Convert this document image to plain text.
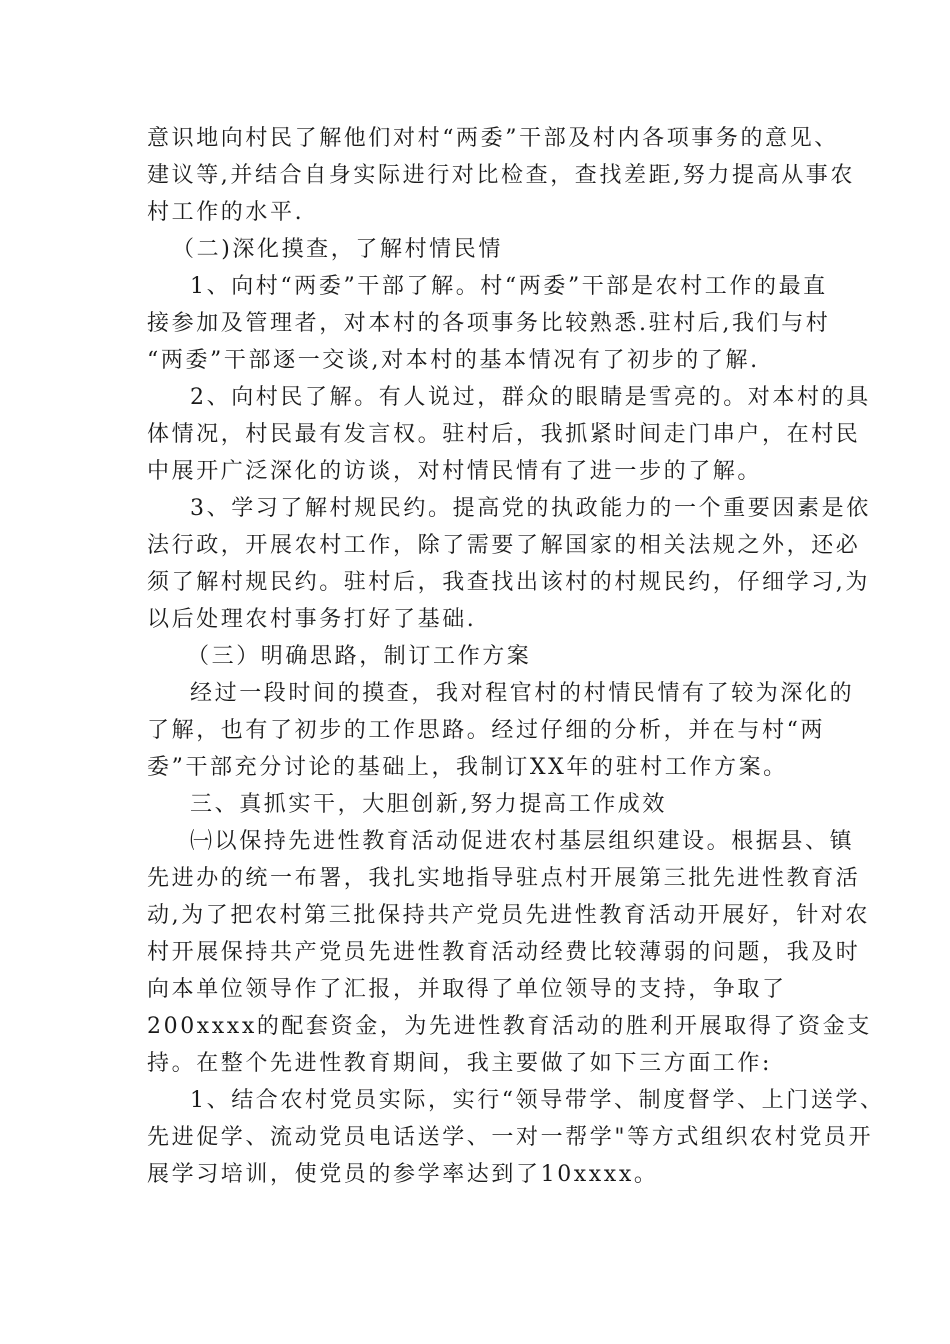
意识地向村民了解他们对村“两委”干部及村内各项事务的意见、
建议等,并结合自身实际进行对比检查，查找差距,努力提高从事农
村工作的水平.
（二)深化摸查，了解村情民情
1、向村“两委”干部了解。村“两委”干部是农村工作的最直
接参加及管理者，对本村的各项事务比较熟悉.驻村后,我们与村
“两委”干部逐一交谈,对本村的基本情况有了初步的了解.
2、向村民了解。有人说过，群众的眼睛是雪亮的。对本村的具
体情况，村民最有发言权。驻村后，我抓紧时间走门串户，在村民
中展开广泛深化的访谈，对村情民情有了进一步的了解。
3、学习了解村规民约。提高党的执政能力的一个重要因素是依
法行政，开展农村工作，除了需要了解国家的相关法规之外，还必
须了解村规民约。驻村后，我查找出该村的村规民约，仔细学习,为
以后处理农村事务打好了基础.
（三）明确思路，制订工作方案
经过一段时间的摸查，我对程官村的村情民情有了较为深化的
了解，也有了初步的工作思路。经过仔细的分析，并在与村“两
委”干部充分讨论的基础上，我制订XX年的驻村工作方案。
三、真抓实干，大胆创新,努力提高工作成效
㈠以保持先进性教育活动促进农村基层组织建设。根据县、镇
先进办的统一布署，我扎实地指导驻点村开展第三批先进性教育活
动,为了把农村第三批保持共产党员先进性教育活动开展好，针对农
村开展保持共产党员先进性教育活动经费比较薄弱的问题，我及时
向本单位领导作了汇报，并取得了单位领导的支持，争取了
200xxxx的配套资金，为先进性教育活动的胜利开展取得了资金支
持。在整个先进性教育期间，我主要做了如下三方面工作:
1、结合农村党员实际，实行“领导带学、制度督学、上门送学、
先进促学、流动党员电话送学、一对一帮学"等方式组织农村党员开
展学习培训，使党员的参学率达到了10xxxx。
